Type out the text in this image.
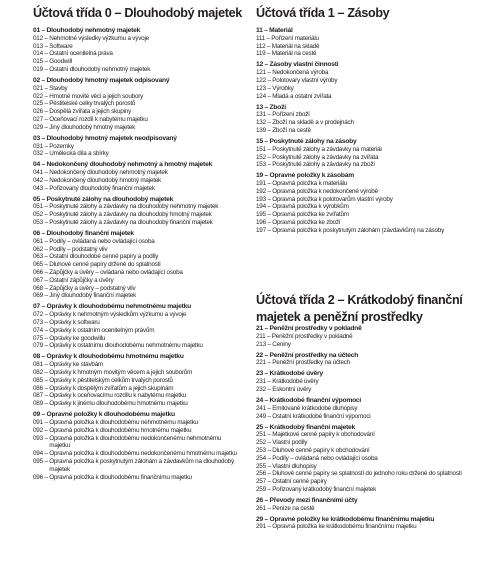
Účtová třída 0 – Dlouhodobý majetek
01 – Dlouhodobý nehmotný majetek
012 – Nehmotné výsledky výzkumu a vývoje
013 – Software
014 – Ostatní ocenitelná práva
015 – Goodwill
019 – Ostatní dlouhodobý nehmotný majetek
02 – Dlouhodobý hmotný majetek odpisovaný
021 – Stavby
022 – Hmotné movité věci a jejich soubory
025 – Pěstitelské celky trvalých porostů
026 – Dospělá zvířata a jejich skupiny
027 – Oceňovací rozdíl k nabytému majetku
029 – Jiný dlouhodobý hmotný majetek
03 – Dlouhodobý hmotný majetek neodpisovaný
031 – Pozemky
032 – Umělecká díla a sbírky
04 – Nedokončený dlouhodobý nehmotný a hmotný majetek
041 – Nedokončený dlouhodobý nehmotný majetek
042 – Nedokončený dlouhodobý hmotný majetek
043 – Pořizovaný dlouhodobý finanční majetek
05 – Poskytnuté zálohy na dlouhodobý majetek
051 – Poskytnuté zálohy a závdavky na dlouhodobý nehmotný majetek
052 – Poskytnuté zálohy a závdavky na dlouhodobý hmotný majetek
053 – Poskytnuté zálohy a závdavky na dlouhodobý finanční majetek
06 – Dlouhodobý finanční majetek
061 – Podíly – ovládaná nebo ovládající osoba
062 – Podíly – podstatný vliv
063 – Ostatní dlouhodobé cenné papíry a podíly
065 – Dluhové cenné papíry držené do splatnosti
066 – Zápůjčky a úvěry – ovládaná nebo ovládající osoba
067 – Ostatní zápůjčky a úvěry
068 – Zápůjčky a úvěry – podstatný vliv
069 – Jiný dlouhodobý finanční majetek
07 – Oprávky k dlouhodobému nehmotnému majetku
072 – Oprávky k nehmotným výsledkům výzkumu a vývoje
073 – Oprávky k softwaru
074 – Oprávky k ostatním ocenitelným právům
075 – Oprávky ke goodwillu
079 – Oprávky k ostatnímu dlouhodobému nehmotnému majetku
08 – Oprávky k dlouhodobému hmotnému majetku
081 – Oprávky ke stavbám
082 – Oprávky k hmotným movitým věcem a jejich souborům
085 – Oprávky k pěstitelským celkům trvalých porostů
086 – Oprávky k dospělým zvířatům a jejich skupinám
087 – Oprávky k oceňovacímu rozdílu k nabytému majetku
089 – Oprávky k jinému dlouhodobému hmotnému majetku
09 – Opravné položky k dlouhodobému majetku
091 – Opravná položka k dlouhodobému nehmotnému majetku
092 – Opravná položka k dlouhodobému hmotnému majetku
093 – Opravná položka k dlouhodobému nedokončenému nehmotnému majetku
094 – Opravná položka k dlouhodobému nedokončenému hmotnému majetku
095 – Opravná položka k poskytnutým zálohám a závdavkům na dlouhodobý majetek
096 – Opravná položka k dlouhodobému finančnímu majetku
Účtová třída 1 – Zásoby
11 – Materiál
111 – Pořízení materiálu
112 – Materiál na skladě
119 – Materiál na cestě
12 – Zásoby vlastní činnosti
121 – Nedokončená výroba
122 – Polotovary vlastní výroby
123 – Výrobky
124 – Mladá a ostatní zvířata
13 – Zboží
131 – Pořízení zboží
132 – Zboží na skladě a v prodejnách
139 – Zboží na cestě
15 – Poskytnuté zálohy na zásoby
151 – Poskytnuté zálohy a závdavky na materiál
152 – Poskytnuté zálohy a závdavky na zvířata
153 – Poskytnuté zálohy a závdavky na zboží
19 – Opravné položky k zásobám
191 – Opravná položka k materiálu
192 – Opravná položka k nedokončené výrobě
193 – Opravná položka k polotovarům vlastní výroby
194 – Opravná položka k výrobkům
195 – Opravná položka ke zvířatům
196 – Opravná položka ke zboží
197 – Opravná položka k poskytnutým zálohám (závdavkům) na zásoby
Účtová třída 2 – Krátkodobý finanční majetek a peněžní prostředky
21 – Peněžní prostředky v pokladně
211 – Peněžní prostředky v pokladně
213 – Ceniny
22 – Peněžní prostředky na účtech
221 – Peněžní prostředky na účtech
23 – Krátkodobé úvěry
231 – Krátkodobé úvěry
232 – Eskontní úvěry
24 – Krátkodobé finanční výpomoci
241 – Emitované krátkodobé dluhopisy
249 – Ostatní krátkodobé finanční výpomoci
25 – Krátkodobý finanční majetek
251 – Majetkové cenné papíry k obchodování
252 – Vlastní podíly
253 – Dluhové cenné papíry k obchodování
254 – Podíly – ovládaná nebo ovládající osoba
255 – Vlastní dluhopisy
256 – Dluhové cenné papíry se splatností do jednoho roku držené do splatnosti
257 – Ostatní cenné papíry
259 – Pořizovaný krátkodobý finanční majetek
26 – Převody mezi finančními účty
261 – Peníze na cestě
29 – Opravné položky ke krátkodobému finančnímu majetku
291 – Opravná položka ke krátkodobému finančnímu majetku
